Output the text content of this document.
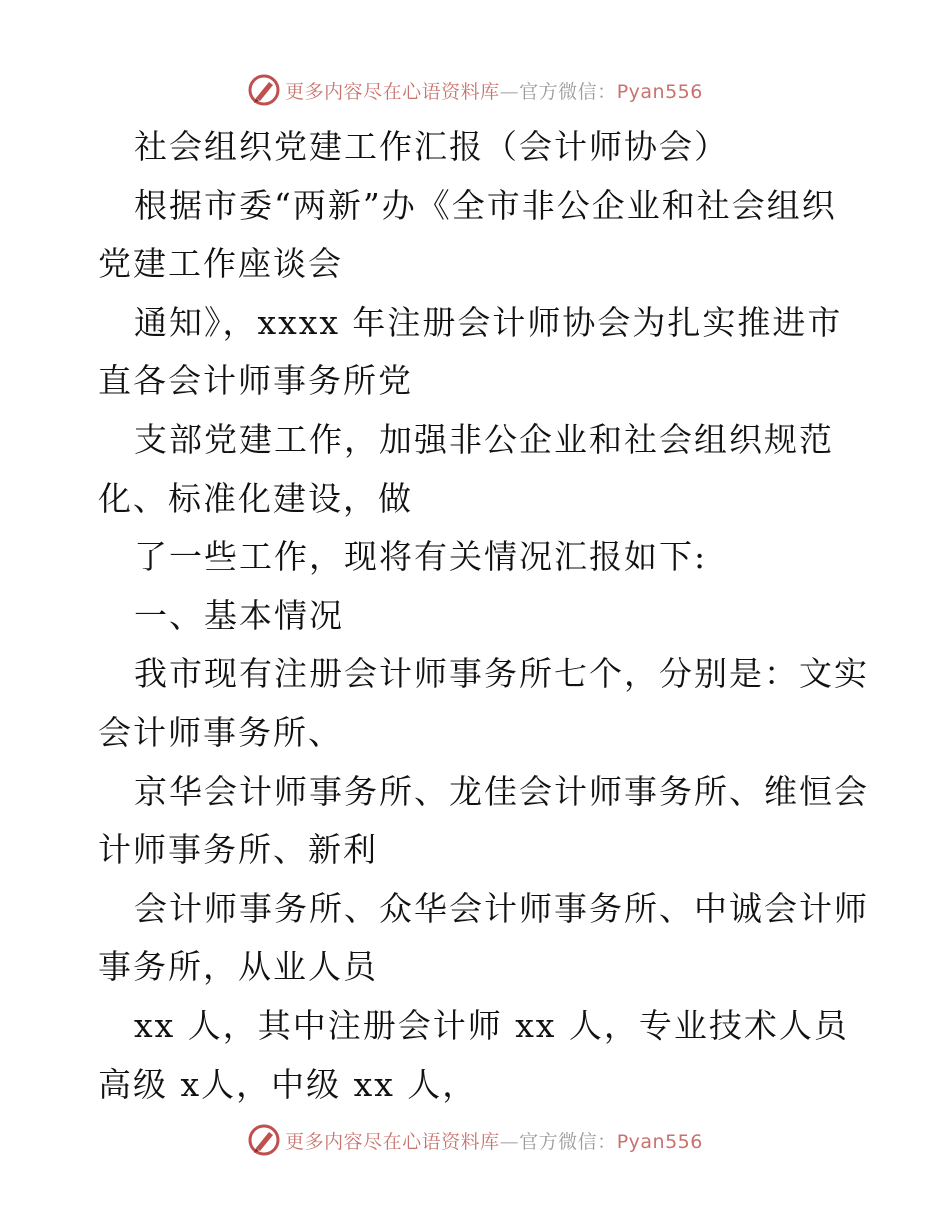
更多内容尽在心语资料库—官方微信：Pyan556
社会组织党建工作汇报（会计师协会）
根据市委“两新”办《全市非公企业和社会组织
党建工作座谈会
通知》，xxxx 年注册会计师协会为扎实推进市
直各会计师事务所党
支部党建工作，加强非公企业和社会组织规范
化、标准化建设，做
了一些工作，现将有关情况汇报如下:
一、基本情况
我市现有注册会计师事务所七个，分别是：文实
会计师事务所、
京华会计师事务所、龙佳会计师事务所、维恒会
计师事务所、新利
会计师事务所、众华会计师事务所、中诚会计师
事务所，从业人员
xx 人，其中注册会计师 xx 人，专业技术人员
高级 x人，中级 xx 人，
更多内容尽在心语资料库—官方微信：Pyan556
